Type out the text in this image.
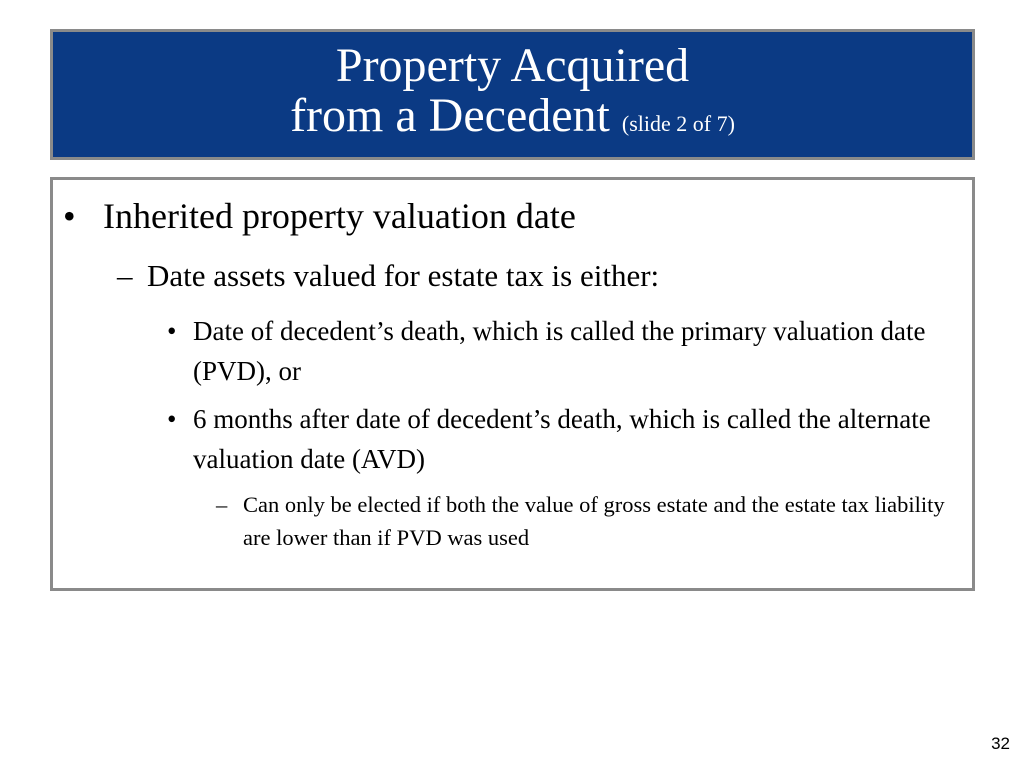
Property Acquired
from a Decedent (slide 2 of 7)
• Inherited property valuation date
– Date assets valued for estate tax is either:
• Date of decedent’s death, which is called the primary valuation date (PVD), or
• 6 months after date of decedent’s death, which is called the alternate valuation date (AVD)
– Can only be elected if both the value of gross estate and the estate tax liability are lower than if PVD was used
32
